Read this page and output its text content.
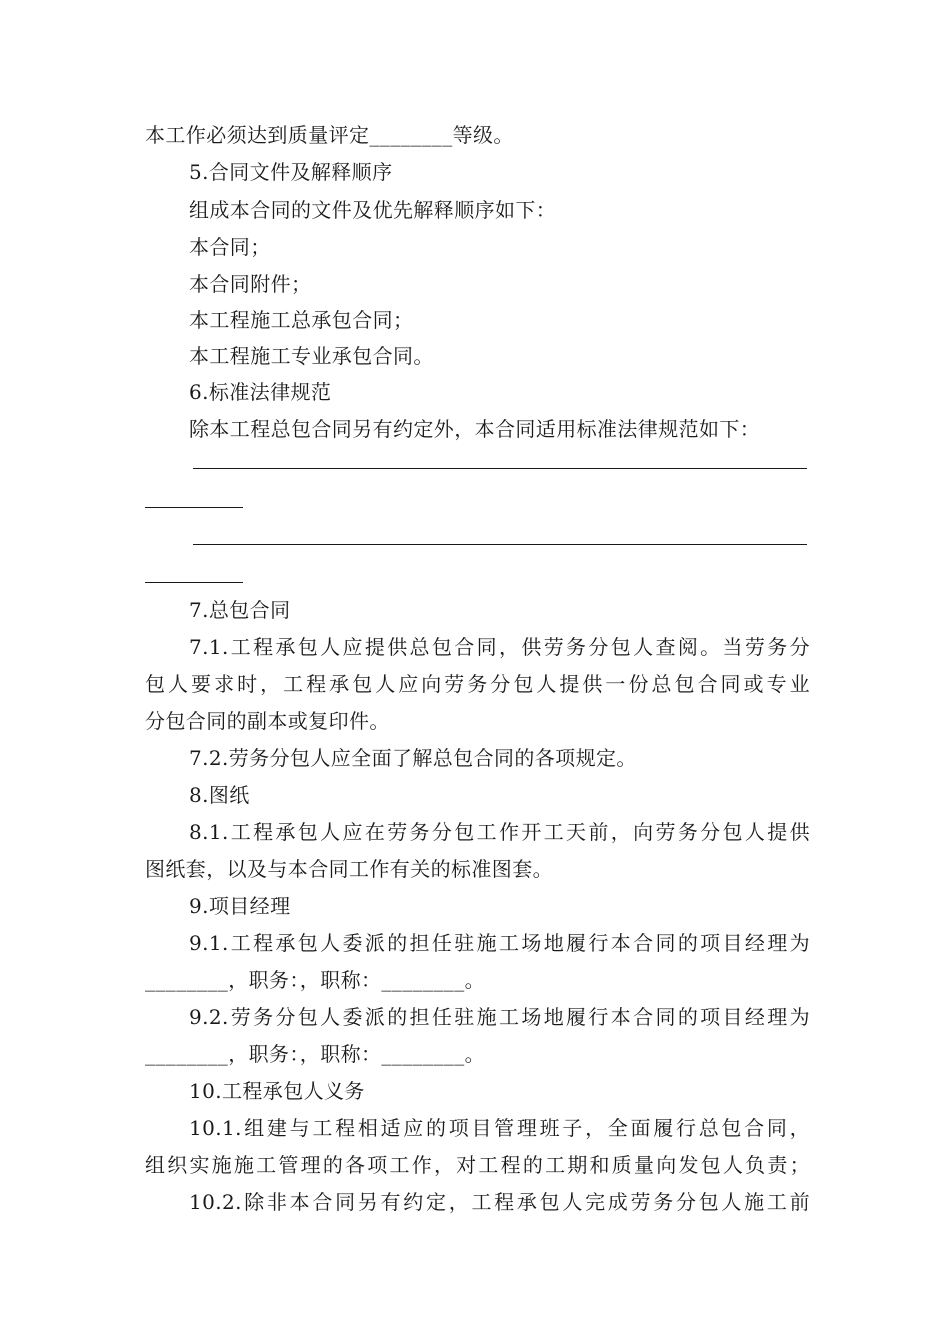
本工作必须达到质量评定________等级。
5.合同文件及解释顺序
组成本合同的文件及优先解释顺序如下：
本合同；
本合同附件；
本工程施工总承包合同；
本工程施工专业承包合同。
6.标准法律规范
除本工程总包合同另有约定外，本合同适用标准法律规范如下：
7.总包合同
7.1.工程承包人应提供总包合同，供劳务分包人查阅。当劳务分
包人要求时，工程承包人应向劳务分包人提供一份总包合同或专业
分包合同的副本或复印件。
7.2.劳务分包人应全面了解总包合同的各项规定。
8.图纸
8.1.工程承包人应在劳务分包工作开工天前，向劳务分包人提供
图纸套，以及与本合同工作有关的标准图套。
9.项目经理
9.1.工程承包人委派的担任驻施工场地履行本合同的项目经理为
________，职务：，职称：________。
9.2.劳务分包人委派的担任驻施工场地履行本合同的项目经理为
________，职务：，职称：________。
10.工程承包人义务
10.1.组建与工程相适应的项目管理班子，全面履行总包合同，
组织实施施工管理的各项工作，对工程的工期和质量向发包人负责；
10.2.除非本合同另有约定，工程承包人完成劳务分包人施工前
